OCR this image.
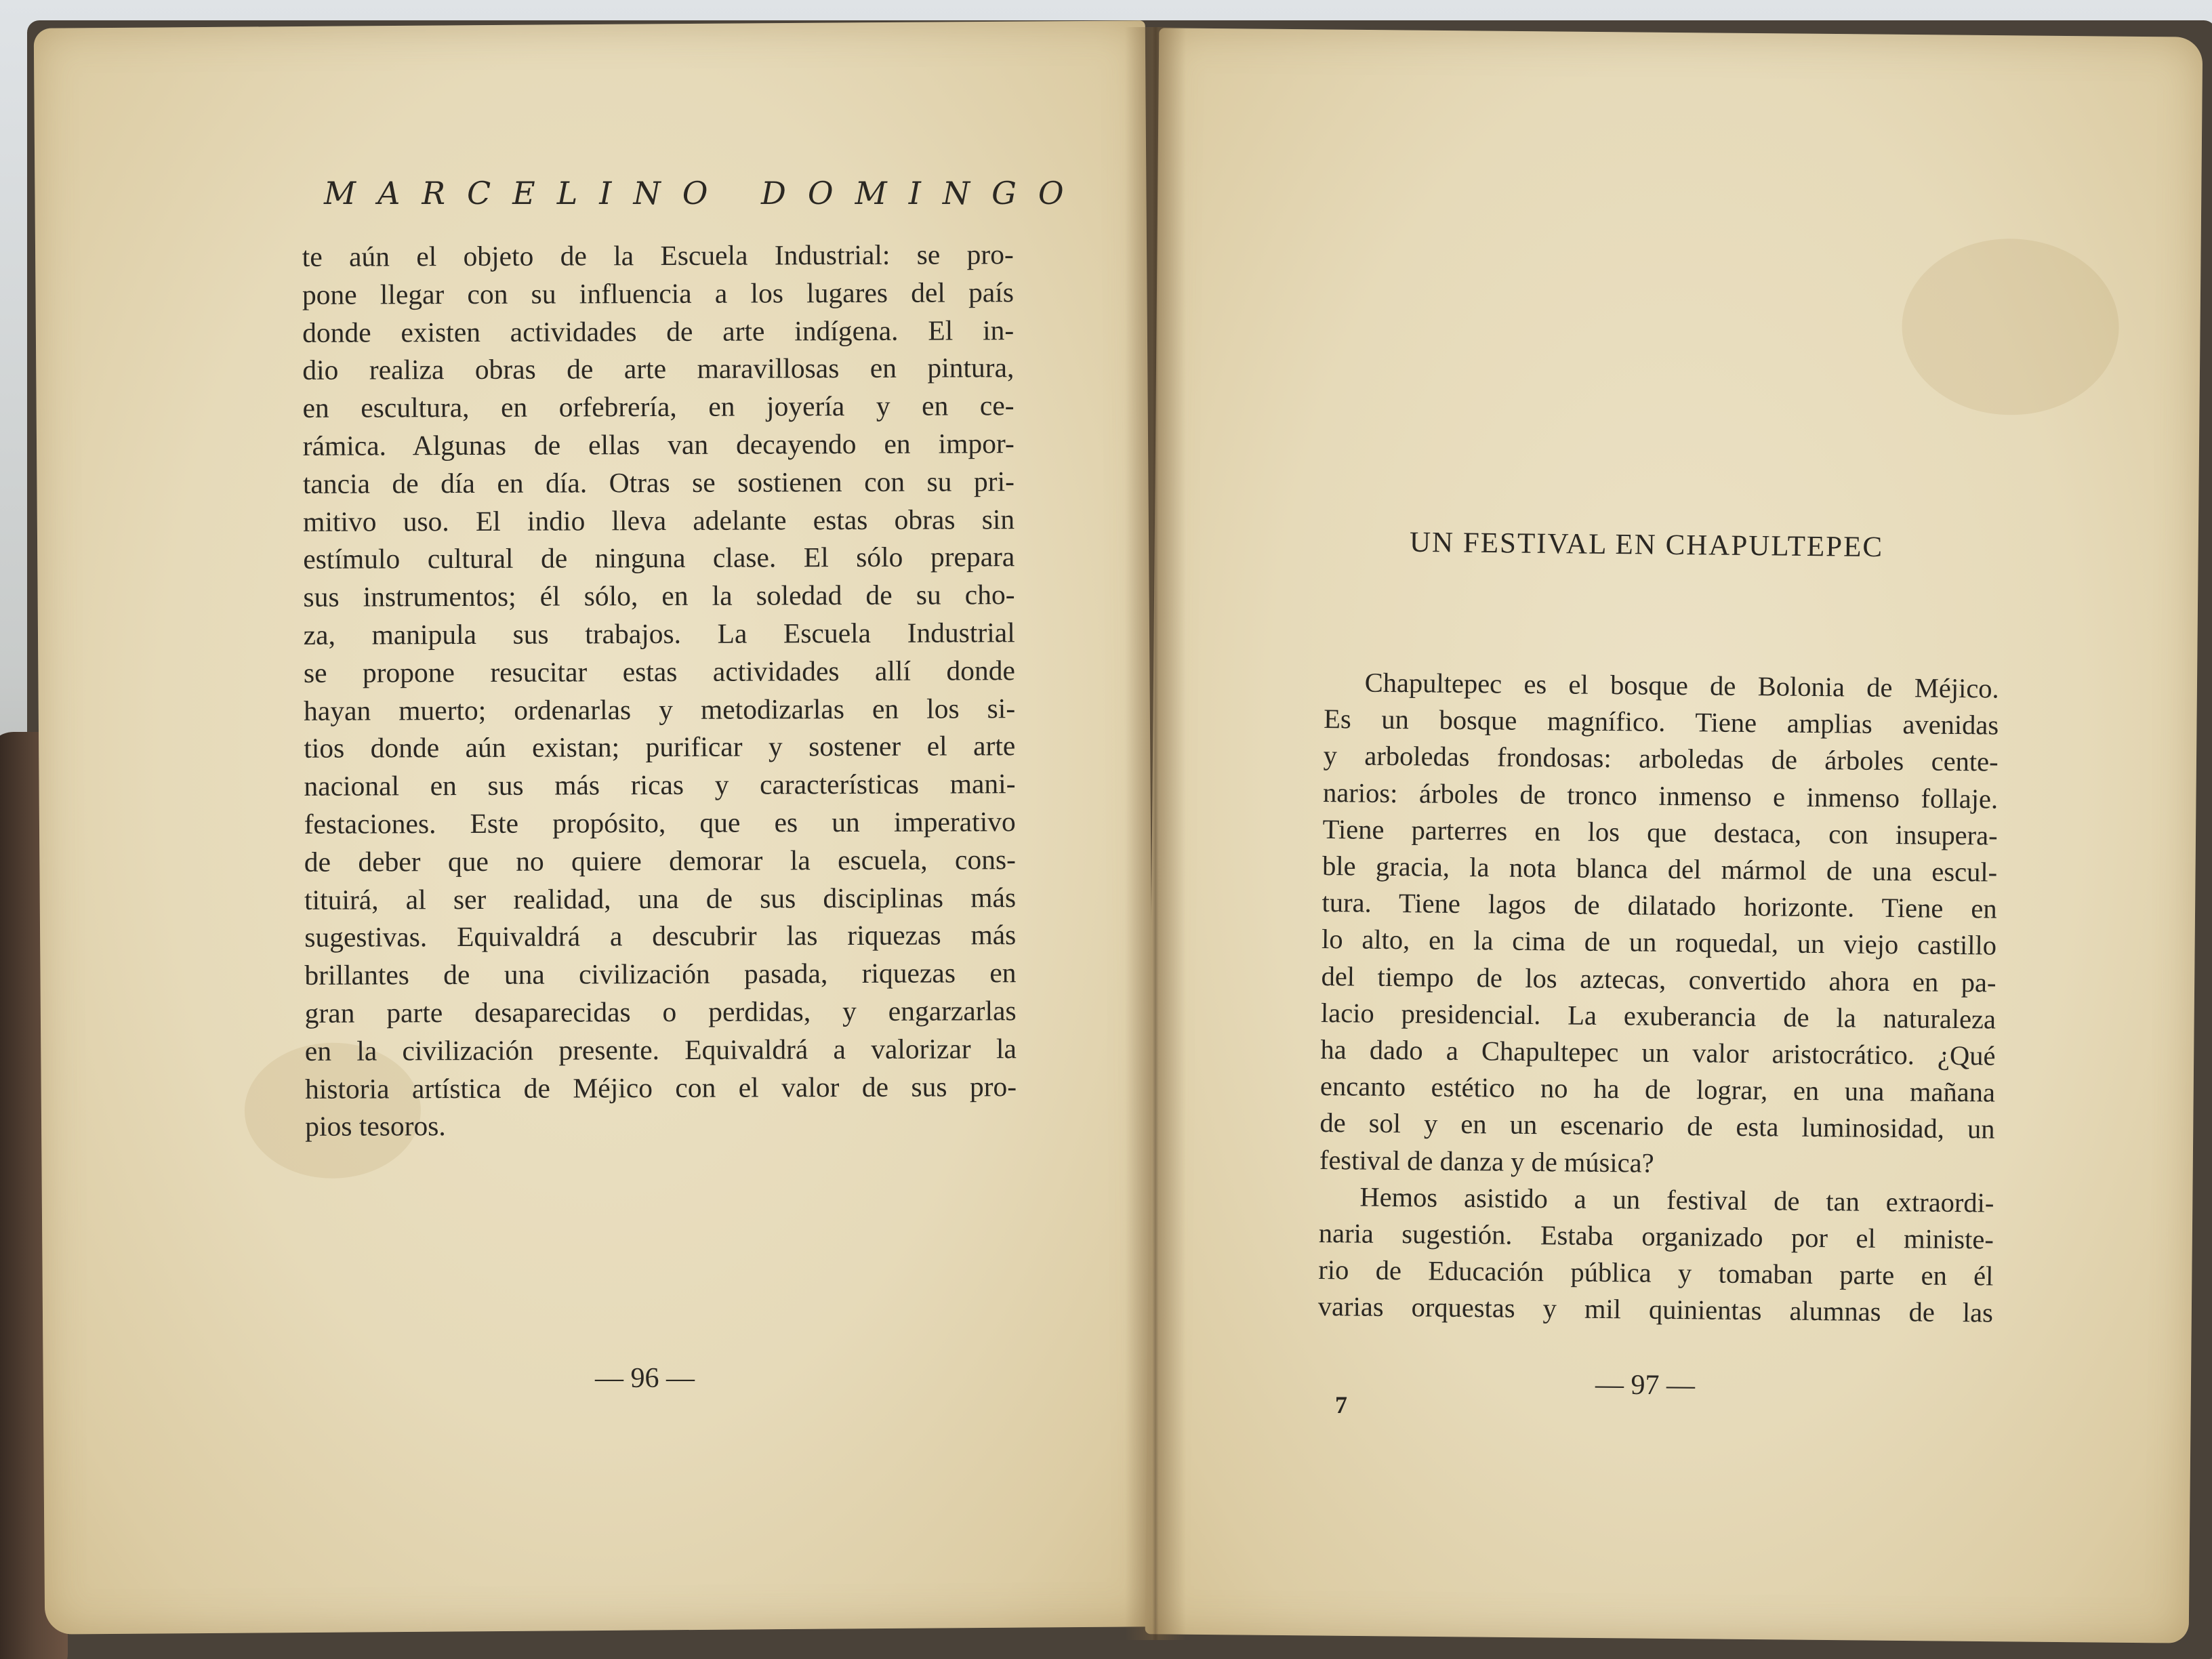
MARCELINO DOMINGO
te aún el objeto de la Escuela Industrial: se pro-
pone llegar con su influencia a los lugares del país
donde existen actividades de arte indígena. El in-
dio realiza obras de arte maravillosas en pintura,
en escultura, en orfebrería, en joyería y en ce-
rámica. Algunas de ellas van decayendo en impor-
tancia de día en día. Otras se sostienen con su pri-
mitivo uso. El indio lleva adelante estas obras sin
estímulo cultural de ninguna clase. El sólo prepara
sus instrumentos; él sólo, en la soledad de su cho-
za, manipula sus trabajos. La Escuela Industrial
se propone resucitar estas actividades allí donde
hayan muerto; ordenarlas y metodizarlas en los si-
tios donde aún existan; purificar y sostener el arte
nacional en sus más ricas y características mani-
festaciones. Este propósito, que es un imperativo
de deber que no quiere demorar la escuela, cons-
tituirá, al ser realidad, una de sus disciplinas más
sugestivas. Equivaldrá a descubrir las riquezas más
brillantes de una civilización pasada, riquezas en
gran parte desaparecidas o perdidas, y engarzarlas
en la civilización presente. Equivaldrá a valorizar la
historia artística de Méjico con el valor de sus pro-
pios tesoros.
— 96 —
UN FESTIVAL EN CHAPULTEPEC
Chapultepec es el bosque de Bolonia de Méjico.
Es un bosque magnífico. Tiene amplias avenidas
y arboledas frondosas: arboledas de árboles cente-
narios: árboles de tronco inmenso e inmenso follaje.
Tiene parterres en los que destaca, con insupera-
ble gracia, la nota blanca del mármol de una escul-
tura. Tiene lagos de dilatado horizonte. Tiene en
lo alto, en la cima de un roquedal, un viejo castillo
del tiempo de los aztecas, convertido ahora en pa-
lacio presidencial. La exuberancia de la naturaleza
ha dado a Chapultepec un valor aristocrático. ¿Qué
encanto estético no ha de lograr, en una mañana
de sol y en un escenario de esta luminosidad, un
festival de danza y de música?
Hemos asistido a un festival de tan extraordi-
naria sugestión. Estaba organizado por el ministe-
rio de Educación pública y tomaban parte en él
varias orquestas y mil quinientas alumnas de las
— 97 —
7
